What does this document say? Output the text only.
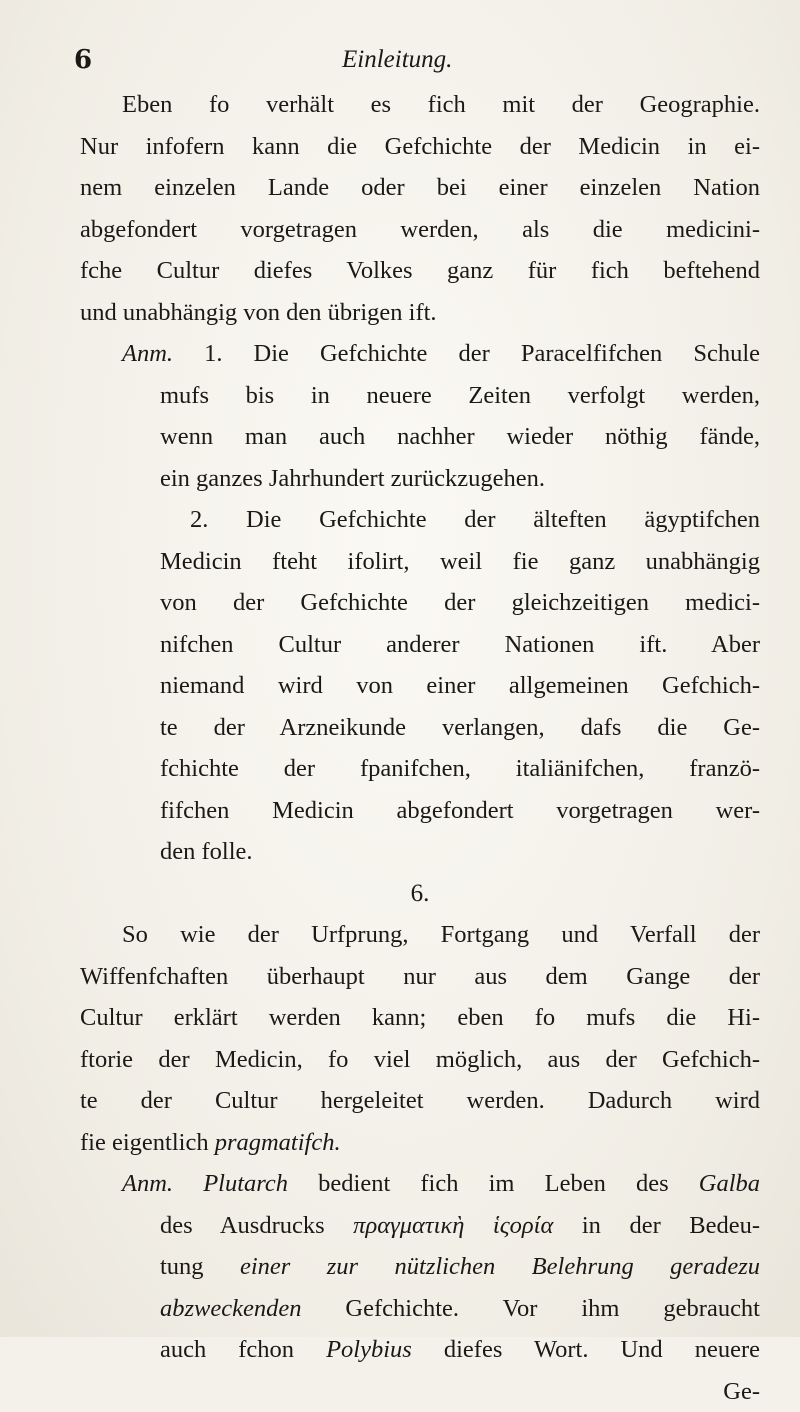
6	Einleitung.
Eben fo verhält es fich mit der Geographie.
Nur infofern kann die Gefchichte der Medicin in ei-
nem einzelen Lande oder bei einer einzelen Nation
abgefondert vorgetragen werden, als die medicini-
fche Cultur diefes Volkes ganz für fich beftehend
und unabhängig von den übrigen ift.
Anm. 1. Die Gefchichte der Paracelfifchen Schule
mufs bis in neuere Zeiten verfolgt werden,
wenn man auch nachher wieder nöthig fände,
ein ganzes Jahrhundert zurückzugehen.
2. Die Gefchichte der älteften ägyptifchen
Medicin fteht ifolirt, weil fie ganz unabhängig
von der Gefchichte der gleichzeitigen medici-
nifchen Cultur anderer Nationen ift. Aber
niemand wird von einer allgemeinen Gefchich-
te der Arzneikunde verlangen, dafs die Ge-
fchichte der fpanifchen, italiänifchen, franzö-
fifchen Medicin abgefondert vorgetragen wer-
den folle.
6.
So wie der Urfprung, Fortgang und Verfall der
Wiffenfchaften überhaupt nur aus dem Gange der
Cultur erklärt werden kann; eben fo mufs die Hi-
ftorie der Medicin, fo viel möglich, aus der Gefchich-
te der Cultur hergeleitet werden. Dadurch wird
fie eigentlich pragmatifch.
Anm. Plutarch bedient fich im Leben des Galba
des Ausdrucks πραγματικὴ ἱςορία in der Bedeu-
tung einer zur nützlichen Belehrung geradezu
abzweckenden Gefchichte. Vor ihm gebraucht
auch fchon Polybius diefes Wort. Und neuere
Ge-
